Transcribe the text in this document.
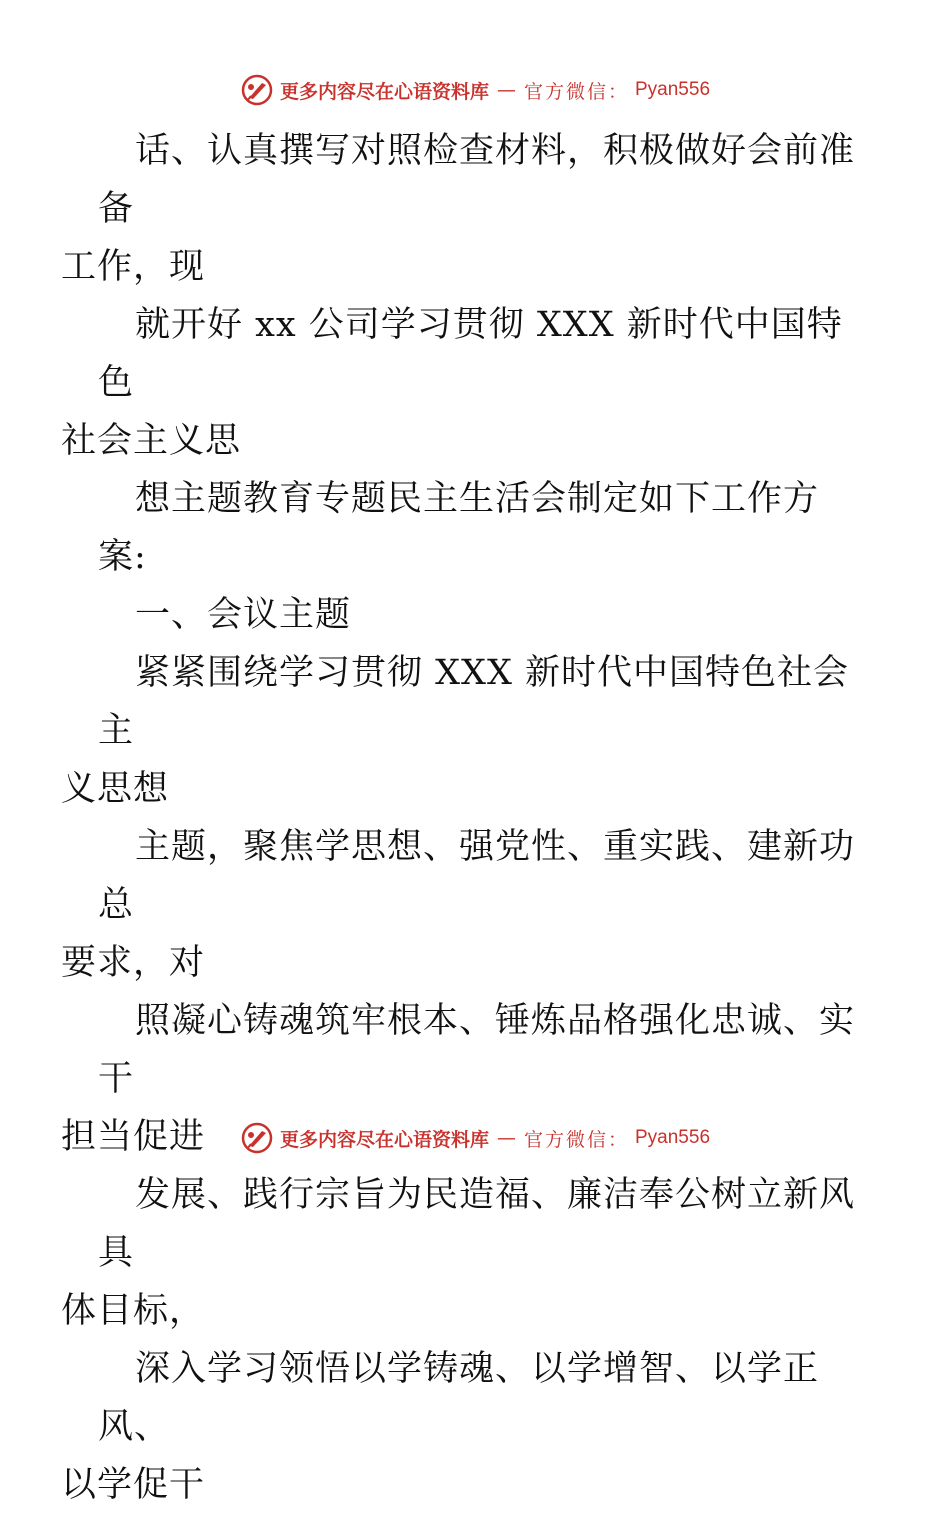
更多内容尽在心语资料库 — 官方微信： Pyan556

话、认真撰写对照检查材料，积极做好会前准备
工作，现

就开好 xx 公司学习贯彻 XXX 新时代中国特色
社会主义思

想主题教育专题民主生活会制定如下工作方案:

一、会议主题

紧紧围绕学习贯彻 XXX 新时代中国特色社会主
义思想

主题，聚焦学思想、强党性、重实践、建新功总
要求，对

照凝心铸魂筑牢根本、锤炼品格强化忠诚、实干
担当促进

发展、践行宗旨为民造福、廉洁奉公树立新风具
体目标，

深入学习领悟以学铸魂、以学增智、以学正风、
以学促干

更多内容尽在心语资料库 — 官方微信： Pyan556
